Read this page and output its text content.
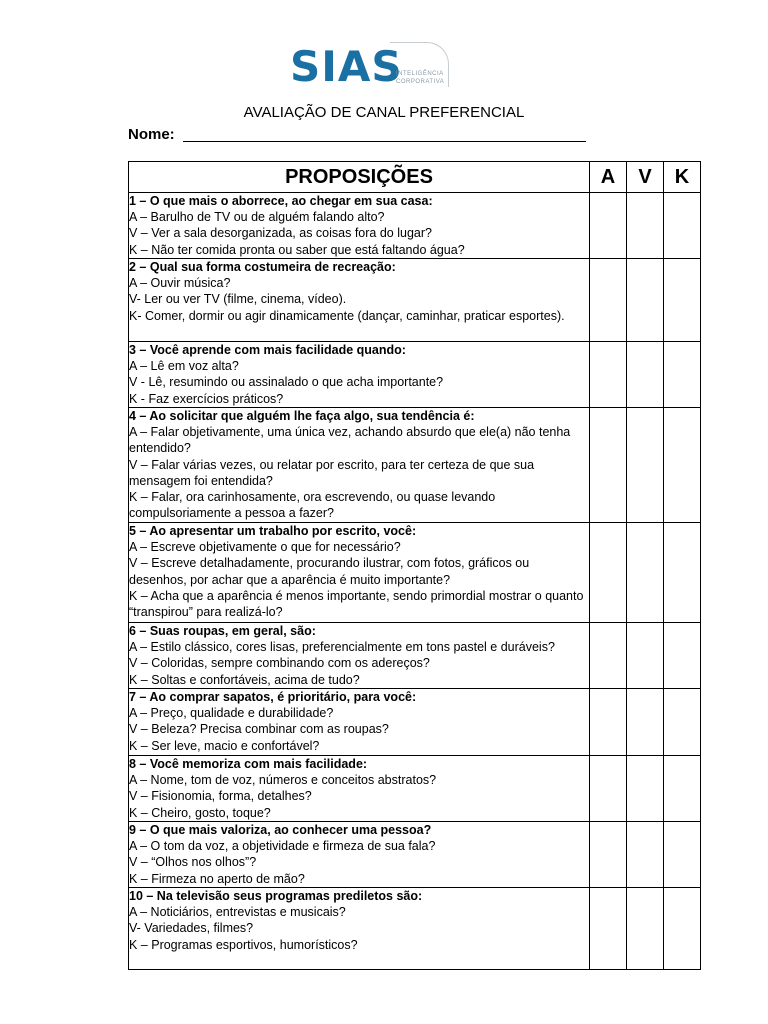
SIAS
INTELIGÊNCIA
CORPORATIVA
AVALIAÇÃO DE CANAL PREFERENCIAL
Nome:
PROPOSIÇÕES	A	V	K

1 – O que mais o aborrece, ao chegar em sua casa:
A – Barulho de TV ou de alguém falando alto?
V – Ver a sala desorganizada, as coisas fora do lugar?
K – Não ter comida pronta ou saber que está faltando água?			

2 – Qual sua forma costumeira de recreação:
A – Ouvir música?
V- Ler ou ver TV (filme, cinema, vídeo).
K- Comer, dormir ou agir dinamicamente (dançar, caminhar, praticar esportes).			

3 – Você aprende com mais facilidade quando:
A – Lê em voz alta?
V - Lê, resumindo ou assinalado o que acha importante?
K - Faz exercícios práticos?			

4 – Ao solicitar que alguém lhe faça algo, sua tendência é:
A – Falar objetivamente, uma única vez, achando absurdo que ele(a) não tenha entendido?
V – Falar várias vezes, ou relatar por escrito, para ter certeza de que sua mensagem foi entendida?
K – Falar, ora carinhosamente, ora escrevendo, ou quase levando compulsoriamente a pessoa a fazer?			

5 – Ao apresentar um trabalho por escrito, você:
A – Escreve objetivamente o que for necessário?
V – Escreve detalhadamente, procurando ilustrar, com fotos, gráficos ou desenhos, por achar que a aparência é muito importante?
K – Acha que a aparência é menos importante, sendo primordial mostrar o quanto “transpirou” para realizá-lo?			

6 – Suas roupas, em geral, são:
A – Estilo clássico, cores lisas, preferencialmente em tons pastel e duráveis?
V – Coloridas, sempre combinando com os adereços?
K – Soltas e confortáveis, acima de tudo?			

7 – Ao comprar sapatos, é prioritário, para você:
A – Preço, qualidade e durabilidade?
V – Beleza? Precisa combinar com as roupas?
K – Ser leve, macio e confortável?			

8 – Você memoriza com mais facilidade:
A – Nome, tom de voz, números e conceitos abstratos?
V – Fisionomia, forma, detalhes?
K – Cheiro, gosto, toque?			

9 – O que mais valoriza, ao conhecer uma pessoa?
A – O tom da voz, a objetividade e firmeza de sua fala?
V – “Olhos nos olhos”?
K – Firmeza no aperto de mão?			

10 – Na televisão seus programas prediletos são:
A – Noticiários, entrevistas e musicais?
V- Variedades, filmes?
K – Programas esportivos, humorísticos?			
